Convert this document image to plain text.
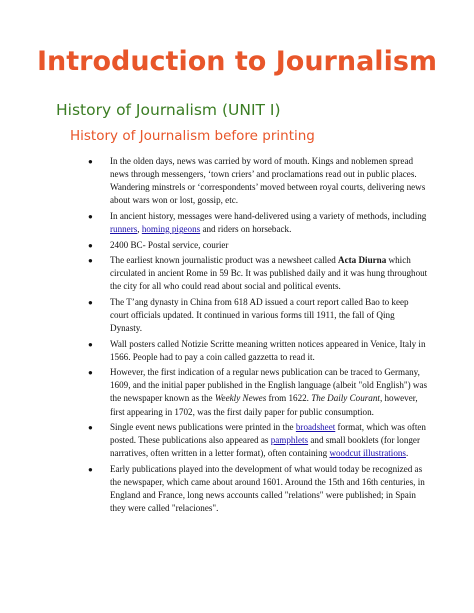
Introduction to Journalism
History of Journalism (UNIT I)
History of Journalism before printing
● In the olden days, news was carried by word of mouth. Kings and noblemen spread news through messengers, ‘town criers’ and proclamations read out in public places. Wandering minstrels or ‘correspondents’ moved between royal courts, delivering news about wars won or lost, gossip, etc.
● In ancient history, messages were hand-delivered using a variety of methods, including runners, homing pigeons and riders on horseback.
● 2400 BC- Postal service, courier
● The earliest known journalistic product was a newsheet called Acta Diurna which circulated in ancient Rome in 59 Bc. It was published daily and it was hung throughout the city for all who could read about social and political events.
● The T’ang dynasty in China from 618 AD issued a court report called Bao to keep court officials updated. It continued in various forms till 1911, the fall of Qing Dynasty.
● Wall posters called Notizie Scritte meaning written notices appeared in Venice, Italy in 1566. People had to pay a coin called gazzetta to read it.
● However, the first indication of a regular news publication can be traced to Germany, 1609, and the initial paper published in the English language (albeit "old English") was the newspaper known as the Weekly Newes from 1622. The Daily Courant, however, first appearing in 1702, was the first daily paper for public consumption.
● Single event news publications were printed in the broadsheet format, which was often posted. These publications also appeared as pamphlets and small booklets (for longer narratives, often written in a letter format), often containing woodcut illustrations.
● Early publications played into the development of what would today be recognized as the newspaper, which came about around 1601. Around the 15th and 16th centuries, in England and France, long news accounts called "relations" were published; in Spain they were called "relaciones".
